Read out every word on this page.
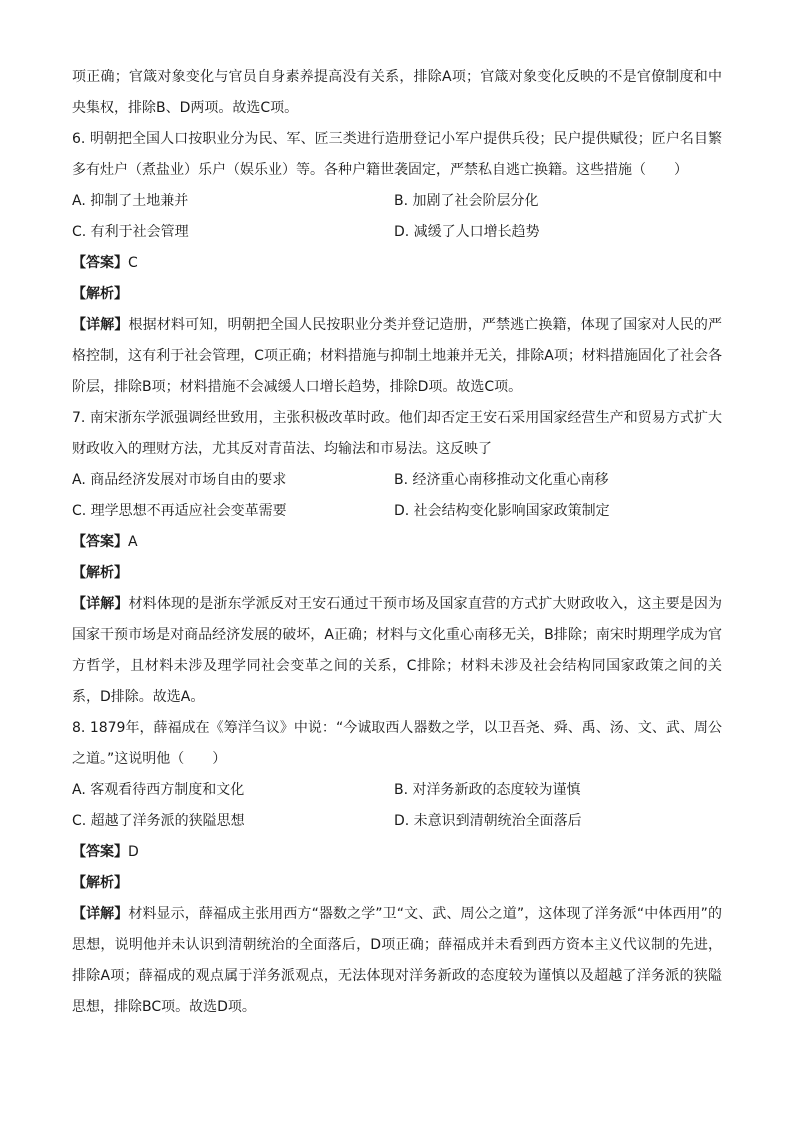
项正确；官箴对象变化与官员自身素养提高没有关系，排除A项；官箴对象变化反映的不是官僚制度和中央集权，排除B、D两项。故选C项。

6. 明朝把全国人口按职业分为民、军、匠三类进行造册登记小军户提供兵役；民户提供赋役；匠户名目繁多有灶户（煮盐业）乐户（娱乐业）等。各种户籍世袭固定，严禁私自逃亡换籍。这些措施（　　）

A. 抑制了土地兼并	B. 加剧了社会阶层分化
C. 有利于社会管理	D. 减缓了人口增长趋势

【答案】C

【解析】

【详解】根据材料可知，明朝把全国人民按职业分类并登记造册，严禁逃亡换籍，体现了国家对人民的严格控制，这有利于社会管理，C项正确；材料措施与抑制土地兼并无关，排除A项；材料措施固化了社会各阶层，排除B项；材料措施不会减缓人口增长趋势，排除D项。故选C项。

7. 南宋浙东学派强调经世致用，主张积极改革时政。他们却否定王安石采用国家经营生产和贸易方式扩大财政收入的理财方法，尤其反对青苗法、均输法和市易法。这反映了

A. 商品经济发展对市场自由的要求	B. 经济重心南移推动文化重心南移
C. 理学思想不再适应社会变革需要	D. 社会结构变化影响国家政策制定

【答案】A

【解析】

【详解】材料体现的是浙东学派反对王安石通过干预市场及国家直营的方式扩大财政收入，这主要是因为国家干预市场是对商品经济发展的破坏，A正确；材料与文化重心南移无关，B排除；南宋时期理学成为官方哲学，且材料未涉及理学同社会变革之间的关系，C排除；材料未涉及社会结构同国家政策之间的关系，D排除。故选A。

8. 1879年，薛福成在《筹洋刍议》中说：“今诚取西人器数之学，以卫吾尧、舜、禹、汤、文、武、周公之道。”这说明他（　　）

A. 客观看待西方制度和文化	B. 对洋务新政的态度较为谨慎
C. 超越了洋务派的狭隘思想	D. 未意识到清朝统治全面落后

【答案】D

【解析】

【详解】材料显示，薛福成主张用西方“器数之学”卫“文、武、周公之道”，这体现了洋务派“中体西用”的思想，说明他并未认识到清朝统治的全面落后，D项正确；薛福成并未看到西方资本主义代议制的先进，排除A项；薛福成的观点属于洋务派观点，无法体现对洋务新政的态度较为谨慎以及超越了洋务派的狭隘思想，排除BC项。故选D项。
